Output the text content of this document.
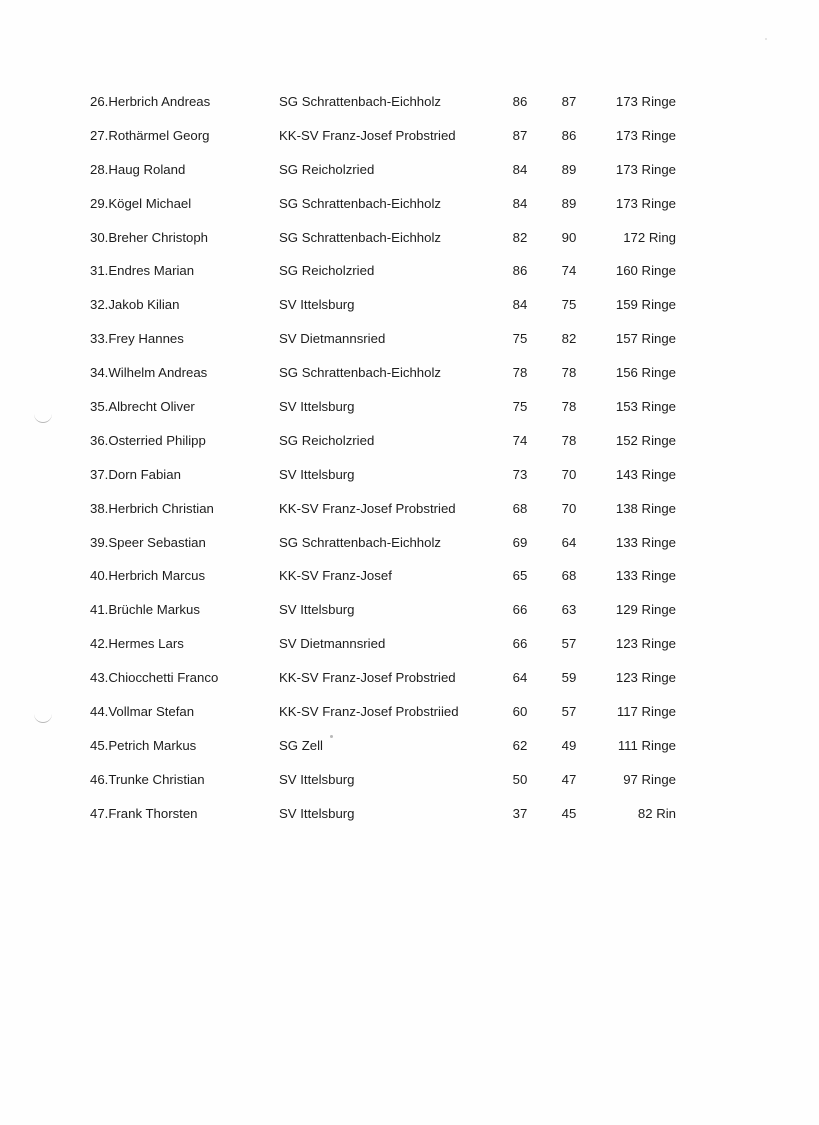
26.Herbrich Andreas	SG Schrattenbach-Eichholz	86	87	173 Ringe
27.Rothärmel Georg	KK-SV Franz-Josef Probstried	87	86	173 Ringe
28.Haug Roland	SG Reicholzried	84	89	173 Ringe
29.Kögel Michael	SG Schrattenbach-Eichholz	84	89	173 Ringe
30.Breher Christoph	SG Schrattenbach-Eichholz	82	90	172 Ring
31.Endres Marian	SG Reicholzried	86	74	160 Ringe
32.Jakob Kilian	SV Ittelsburg	84	75	159 Ringe
33.Frey Hannes	SV Dietmannsried	75	82	157 Ringe
34.Wilhelm Andreas	SG Schrattenbach-Eichholz	78	78	156 Ringe
35.Albrecht Oliver	SV Ittelsburg	75	78	153 Ringe
36.Osterried Philipp	SG Reicholzried	74	78	152 Ringe
37.Dorn Fabian	SV Ittelsburg	73	70	143 Ringe
38.Herbrich Christian	KK-SV Franz-Josef Probstried	68	70	138 Ringe
39.Speer Sebastian	SG Schrattenbach-Eichholz	69	64	133 Ringe
40.Herbrich Marcus	KK-SV Franz-Josef	65	68	133 Ringe
41.Brüchle Markus	SV Ittelsburg	66	63	129 Ringe
42.Hermes Lars	SV Dietmannsried	66	57	123 Ringe
43.Chiocchetti Franco	KK-SV Franz-Josef Probstried	64	59	123 Ringe
44.Vollmar Stefan	KK-SV Franz-Josef Probstriied	60	57	117 Ringe
45.Petrich Markus	SG Zell	62	49	111 Ringe
46.Trunke Christian	SV Ittelsburg	50	47	97 Ringe
47.Frank Thorsten	SV Ittelsburg	37	45	82 Rin
